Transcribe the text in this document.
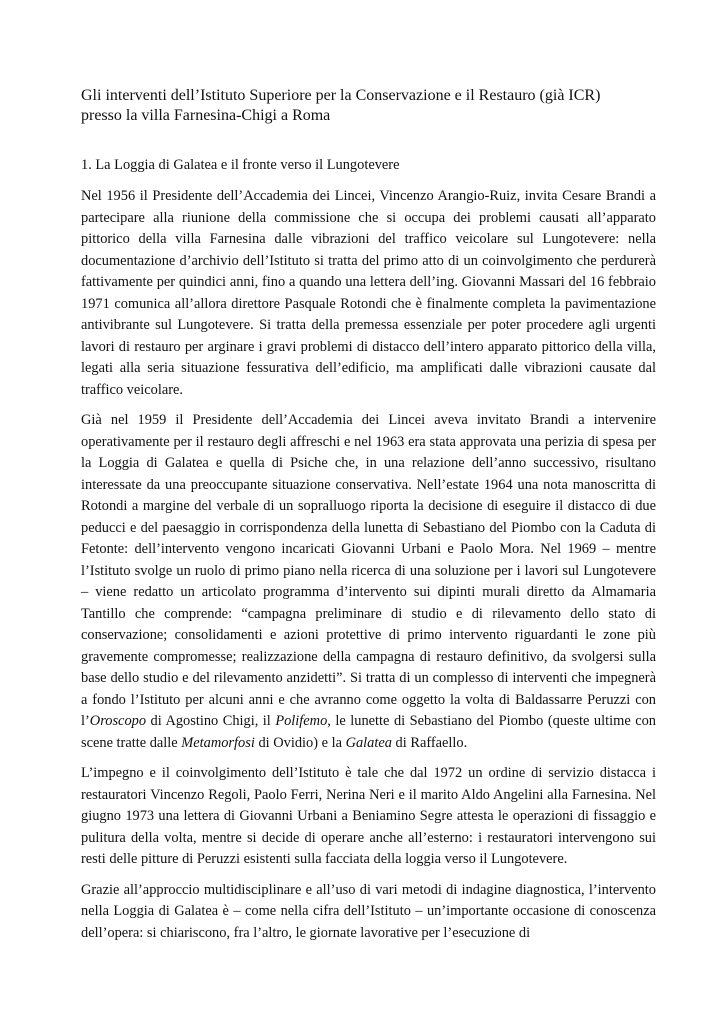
Gli interventi dell’Istituto Superiore per la Conservazione e il Restauro (già ICR)
presso la villa Farnesina-Chigi a Roma
1. La Loggia di Galatea e il fronte verso il Lungotevere

Nel 1956 il Presidente dell’Accademia dei Lincei, Vincenzo Arangio-Ruiz, invita Cesare Brandi a partecipare alla riunione della commissione che si occupa dei problemi causati all’apparato pittorico della villa Farnesina dalle vibrazioni del traffico veicolare sul Lungotevere: nella documentazione d’archivio dell’Istituto si tratta del primo atto di un coinvolgimento che perdurerà fattivamente per quindici anni, fino a quando una lettera dell’ing. Giovanni Massari del 16 febbraio 1971 comunica all’allora direttore Pasquale Rotondi che è finalmente completa la pavimentazione antivibrante sul Lungotevere. Si tratta della premessa essenziale per poter procedere agli urgenti lavori di restauro per arginare i gravi problemi di distacco dell’intero apparato pittorico della villa, legati alla seria situazione fessurativa dell’edificio, ma amplificati dalle vibrazioni causate dal traffico veicolare.

Già nel 1959 il Presidente dell’Accademia dei Lincei aveva invitato Brandi a intervenire operativamente per il restauro degli affreschi e nel 1963 era stata approvata una perizia di spesa per la Loggia di Galatea e quella di Psiche che, in una relazione dell’anno successivo, risultano interessate da una preoccupante situazione conservativa. Nell’estate 1964 una nota manoscritta di Rotondi a margine del verbale di un sopralluogo riporta la decisione di eseguire il distacco di due peducci e del paesaggio in corrispondenza della lunetta di Sebastiano del Piombo con la Caduta di Fetonte: dell’intervento vengono incaricati Giovanni Urbani e Paolo Mora. Nel 1969 – mentre l’Istituto svolge un ruolo di primo piano nella ricerca di una soluzione per i lavori sul Lungotevere – viene redatto un articolato programma d’intervento sui dipinti murali diretto da Almamaria Tantillo che comprende: “campagna preliminare di studio e di rilevamento dello stato di conservazione; consolidamenti e azioni protettive di primo intervento riguardanti le zone più gravemente compromesse; realizzazione della campagna di restauro definitivo, da svolgersi sulla base dello studio e del rilevamento anzidetti”. Si tratta di un complesso di interventi che impegnerà a fondo l’Istituto per alcuni anni e che avranno come oggetto la volta di Baldassarre Peruzzi con l’Oroscopo di Agostino Chigi, il Polifemo, le lunette di Sebastiano del Piombo (queste ultime con scene tratte dalle Metamorfosi di Ovidio) e la Galatea di Raffaello.

L’impegno e il coinvolgimento dell’Istituto è tale che dal 1972 un ordine di servizio distacca i restauratori Vincenzo Regoli, Paolo Ferri, Nerina Neri e il marito Aldo Angelini alla Farnesina. Nel giugno 1973 una lettera di Giovanni Urbani a Beniamino Segre attesta le operazioni di fissaggio e pulitura della volta, mentre si decide di operare anche all’esterno: i restauratori intervengono sui resti delle pitture di Peruzzi esistenti sulla facciata della loggia verso il Lungotevere.

Grazie all’approccio multidisciplinare e all’uso di vari metodi di indagine diagnostica, l’intervento nella Loggia di Galatea è – come nella cifra dell’Istituto – un’importante occasione di conoscenza dell’opera: si chiariscono, fra l’altro, le giornate lavorative per l’esecuzione di
